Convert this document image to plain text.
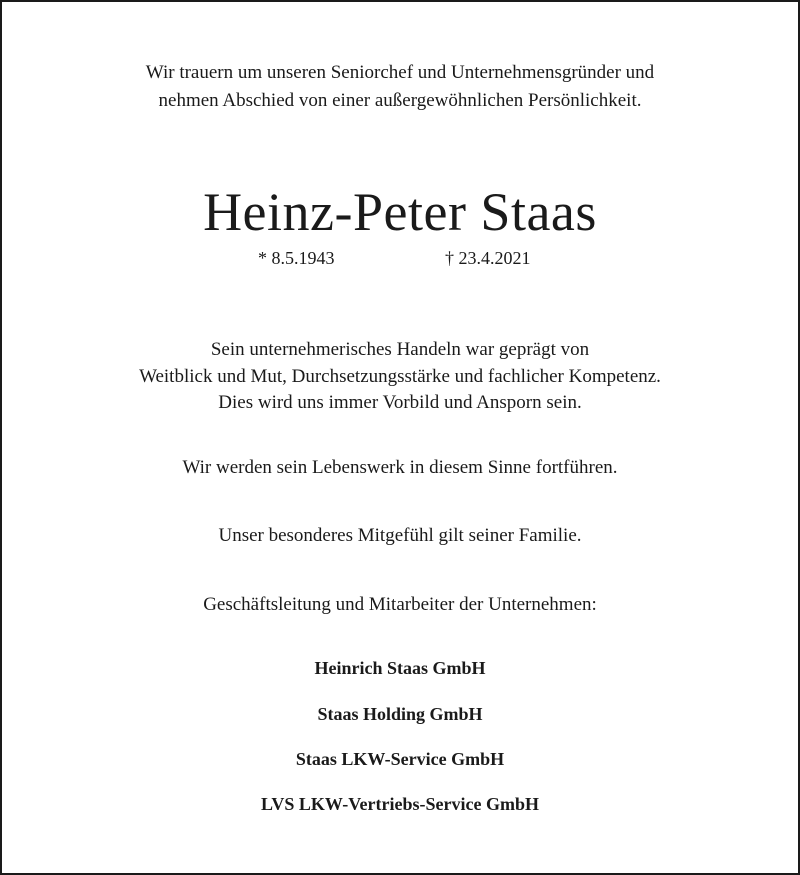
Wir trauern um unseren Seniorchef und Unternehmensgründer und
nehmen Abschied von einer außergewöhnlichen Persönlichkeit.
Heinz-Peter Staas
* 8.5.1943	† 23.4.2021
Sein unternehmerisches Handeln war geprägt von
Weitblick und Mut, Durchsetzungsstärke und fachlicher Kompetenz.
Dies wird uns immer Vorbild und Ansporn sein.
Wir werden sein Lebenswerk in diesem Sinne fortführen.
Unser besonderes Mitgefühl gilt seiner Familie.
Geschäftsleitung und Mitarbeiter der Unternehmen:
Heinrich Staas GmbH
Staas Holding GmbH
Staas LKW-Service GmbH
LVS LKW-Vertriebs-Service GmbH
